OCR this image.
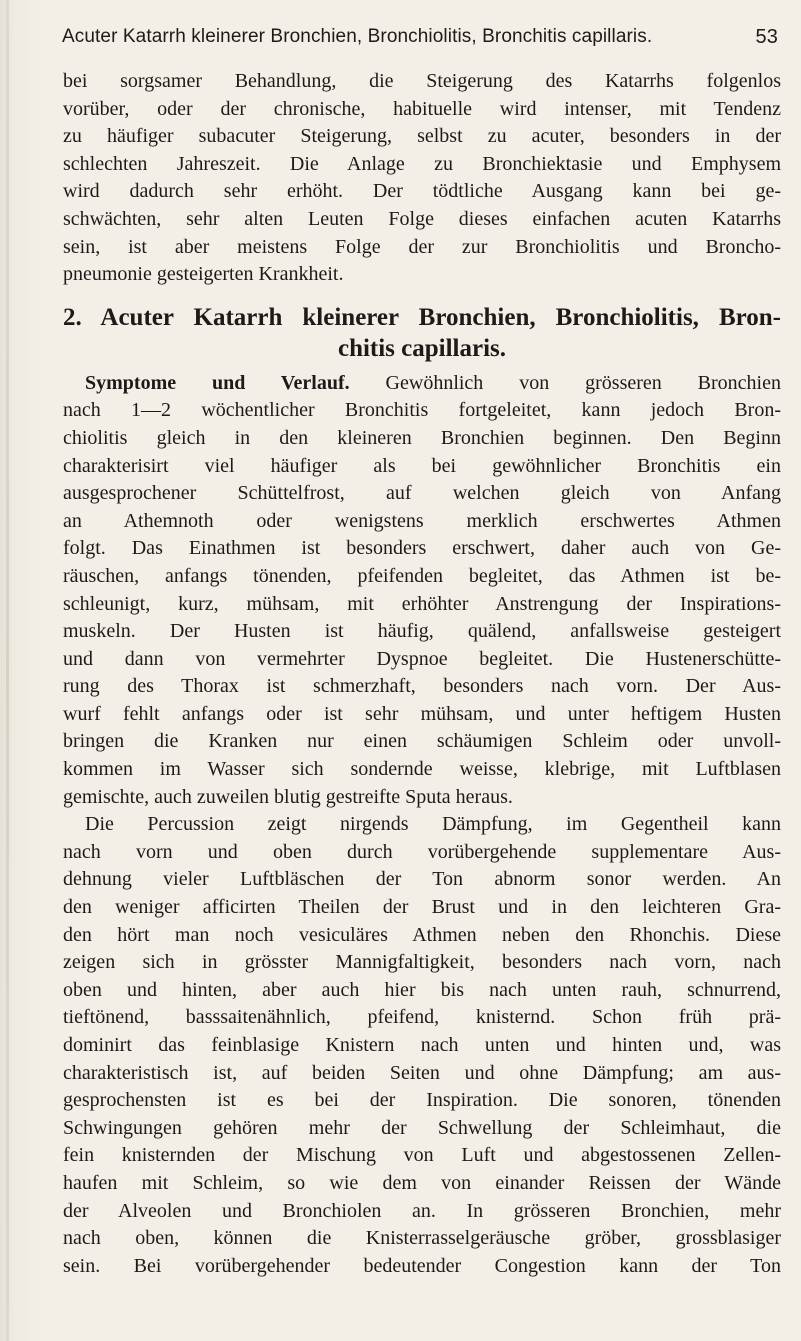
Acuter Katarrh kleinerer Bronchien, Bronchiolitis, Bronchitis capillaris.	53
bei sorgsamer Behandlung, die Steigerung des Katarrhs folgenlos
vorüber, oder der chronische, habituelle wird intenser, mit Tendenz
zu häufiger subacuter Steigerung, selbst zu acuter, besonders in der
schlechten Jahreszeit. Die Anlage zu Bronchiektasie und Emphysem
wird dadurch sehr erhöht. Der tödtliche Ausgang kann bei ge-
schwächten, sehr alten Leuten Folge dieses einfachen acuten Katarrhs
sein, ist aber meistens Folge der zur Bronchiolitis und Broncho-
pneumonie gesteigerten Krankheit.
2. Acuter Katarrh kleinerer Bronchien, Bronchiolitis, Bron-
chitis capillaris.
Symptome und Verlauf. Gewöhnlich von grösseren Bronchien
nach 1—2 wöchentlicher Bronchitis fortgeleitet, kann jedoch Bron-
chiolitis gleich in den kleineren Bronchien beginnen. Den Beginn
charakterisirt viel häufiger als bei gewöhnlicher Bronchitis ein
ausgesprochener Schüttelfrost, auf welchen gleich von Anfang
an Athemnoth oder wenigstens merklich erschwertes Athmen
folgt. Das Einathmen ist besonders erschwert, daher auch von Ge-
räuschen, anfangs tönenden, pfeifenden begleitet, das Athmen ist be-
schleunigt, kurz, mühsam, mit erhöhter Anstrengung der Inspirations-
muskeln. Der Husten ist häufig, quälend, anfallsweise gesteigert
und dann von vermehrter Dyspnoe begleitet. Die Hustenerschütte-
rung des Thorax ist schmerzhaft, besonders nach vorn. Der Aus-
wurf fehlt anfangs oder ist sehr mühsam, und unter heftigem Husten
bringen die Kranken nur einen schäumigen Schleim oder unvoll-
kommen im Wasser sich sondernde weisse, klebrige, mit Luftblasen
gemischte, auch zuweilen blutig gestreifte Sputa heraus.
Die Percussion zeigt nirgends Dämpfung, im Gegentheil kann
nach vorn und oben durch vorübergehende supplementare Aus-
dehnung vieler Luftbläschen der Ton abnorm sonor werden. An
den weniger afficirten Theilen der Brust und in den leichteren Gra-
den hört man noch vesiculäres Athmen neben den Rhonchis. Diese
zeigen sich in grösster Mannigfaltigkeit, besonders nach vorn, nach
oben und hinten, aber auch hier bis nach unten rauh, schnurrend,
tieftönend, basssaitenähnlich, pfeifend, knisternd. Schon früh prä-
dominirt das feinblasige Knistern nach unten und hinten und, was
charakteristisch ist, auf beiden Seiten und ohne Dämpfung; am aus-
gesprochensten ist es bei der Inspiration. Die sonoren, tönenden
Schwingungen gehören mehr der Schwellung der Schleimhaut, die
fein knisternden der Mischung von Luft und abgestossenen Zellen-
haufen mit Schleim, so wie dem von einander Reissen der Wände
der Alveolen und Bronchiolen an. In grösseren Bronchien, mehr
nach oben, können die Knisterrasselgeräusche gröber, grossblasiger
sein. Bei vorübergehender bedeutender Congestion kann der Ton
